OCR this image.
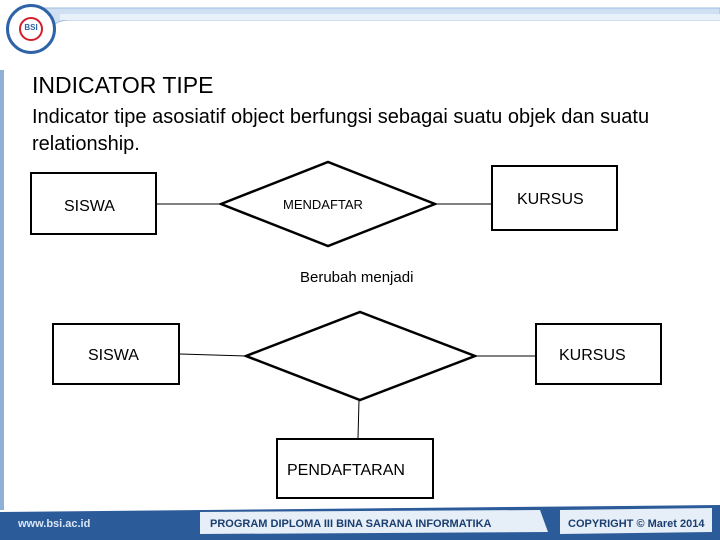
BSI
INDICATOR TIPE
Indicator tipe asosiatif object berfungsi sebagai suatu objek dan suatu relationship.
SISWA	MENDAFTAR	KURSUS
Berubah menjadi
SISWA	KURSUS
PENDAFTARAN
www.bsi.ac.id	PROGRAM DIPLOMA III BINA SARANA INFORMATIKA	COPYRIGHT © Maret 2014
